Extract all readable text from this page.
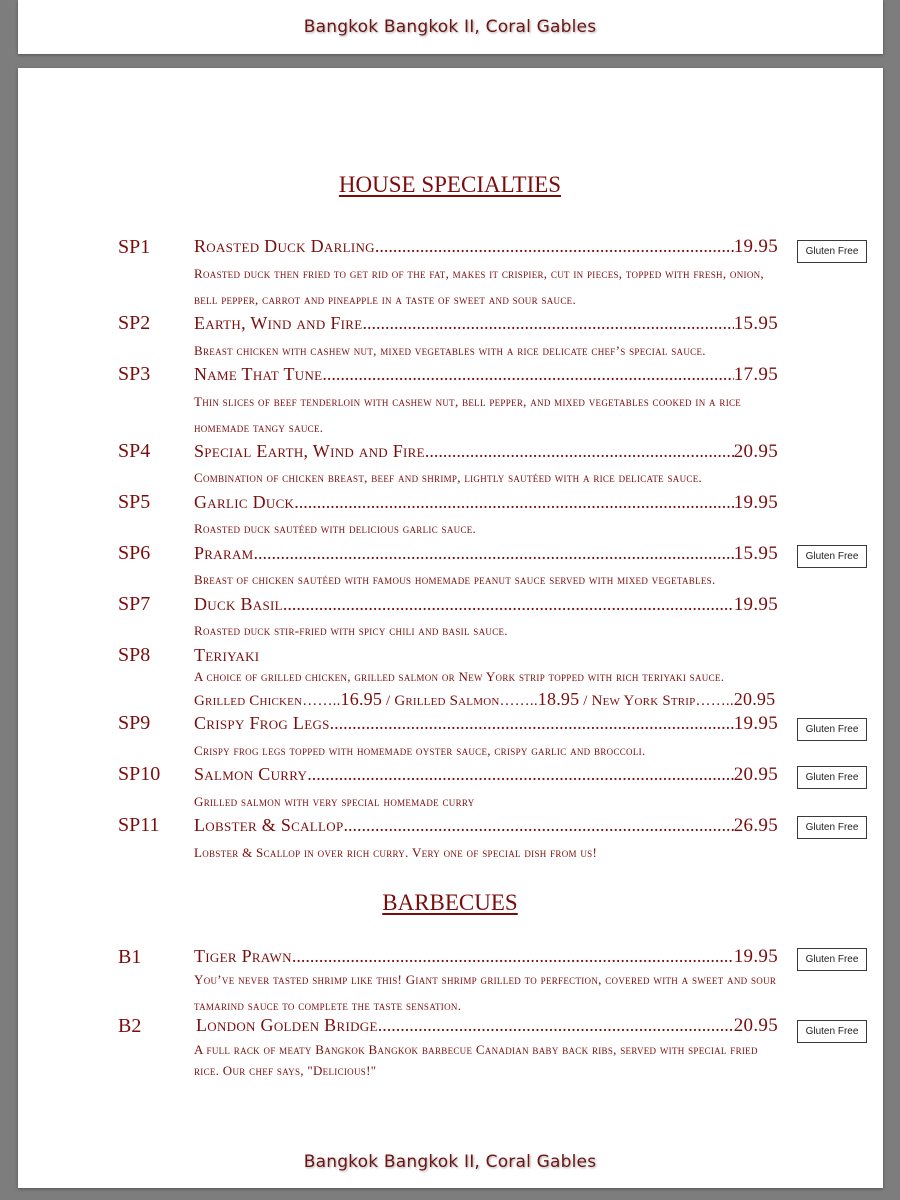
Bangkok Bangkok II, Coral Gables
HOUSE SPECIALTIES
SP1 Roasted Duck Darling .....	19.95	Gluten Free
Roasted duck then fried to get rid of the fat, makes it crispier, cut in pieces, topped with fresh, onion, bell pepper, carrot and pineapple in a taste of sweet and sour sauce.
SP2 Earth, Wind and Fire .....	15.95
Breast chicken with cashew nut, mixed vegetables with a rice delicate chef’s special sauce.
SP3 Name That Tune .....	17.95
Thin slices of beef tenderloin with cashew nut, bell pepper, and mixed vegetables cooked in a rice homemade tangy sauce.
SP4 Special Earth, Wind and Fire .....	20.95
Combination of chicken breast, beef and shrimp, lightly sautéed with a rice delicate sauce.
SP5 Garlic Duck .....	19.95
Roasted duck sautéed with delicious garlic sauce.
SP6 Praram .....	15.95	Gluten Free
Breast of chicken sautéed with famous homemade peanut sauce served with mixed vegetables.
SP7 Duck Basil .....	19.95
Roasted duck stir-fried with spicy chili and basil sauce.
SP8 Teriyaki
A choice of grilled chicken, grilled salmon or New York strip topped with rich teriyaki sauce.
Grilled Chicken……..16.95 / Grilled Salmon……..18.95 / New York Strip……..20.95
SP9 Crispy Frog Legs .....	19.95	Gluten Free
Crispy frog legs topped with homemade oyster sauce, crispy garlic and broccoli.
SP10 Salmon Curry .....	20.95	Gluten Free
Grilled salmon with very special homemade curry
SP11 Lobster & Scallop .....	26.95	Gluten Free
Lobster & Scallop in over rich curry. Very one of special dish from us!
BARBECUES
B1	Tiger Prawn .....	19.95	Gluten Free
You’ve never tasted shrimp like this! Giant shrimp grilled to perfection, covered with a sweet and sour tamarind sauce to complete the taste sensation.
B2	London Golden Bridge .....	20.95	Gluten Free
A full rack of meaty Bangkok Bangkok barbecue Canadian baby back ribs, served with special fried rice. Our chef says, "Delicious!"
Bangkok Bangkok II, Coral Gables
